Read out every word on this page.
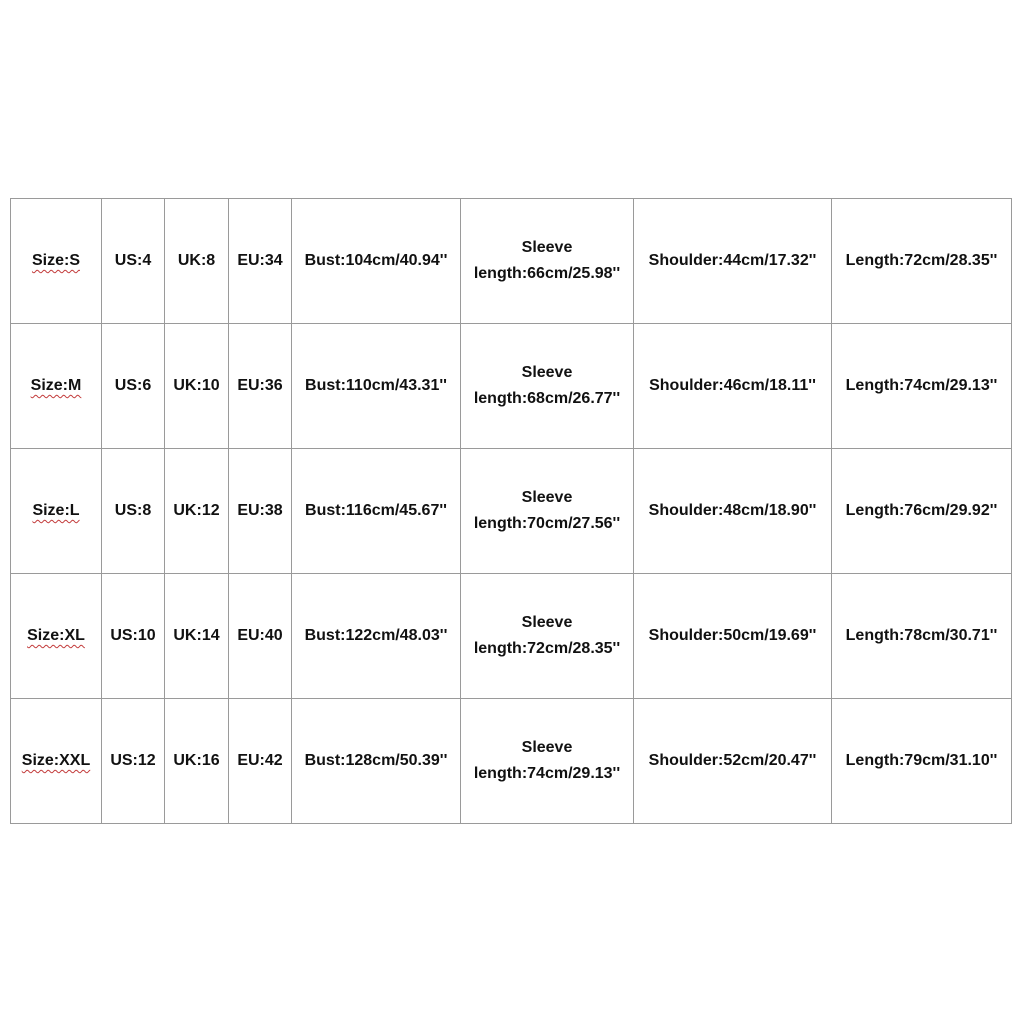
Size:S	US:4	UK:8	EU:34	Bust:104cm/40.94''	Sleeve
length:66cm/25.98''	Shoulder:44cm/17.32''	Length:72cm/28.35''
Size:M	US:6	UK:10	EU:36	Bust:110cm/43.31''	Sleeve
length:68cm/26.77''	Shoulder:46cm/18.11''	Length:74cm/29.13''
Size:L	US:8	UK:12	EU:38	Bust:116cm/45.67''	Sleeve
length:70cm/27.56''	Shoulder:48cm/18.90''	Length:76cm/29.92''
Size:XL	US:10	UK:14	EU:40	Bust:122cm/48.03''	Sleeve
length:72cm/28.35''	Shoulder:50cm/19.69''	Length:78cm/30.71''
Size:XXL	US:12	UK:16	EU:42	Bust:128cm/50.39''	Sleeve
length:74cm/29.13''	Shoulder:52cm/20.47''	Length:79cm/31.10''
